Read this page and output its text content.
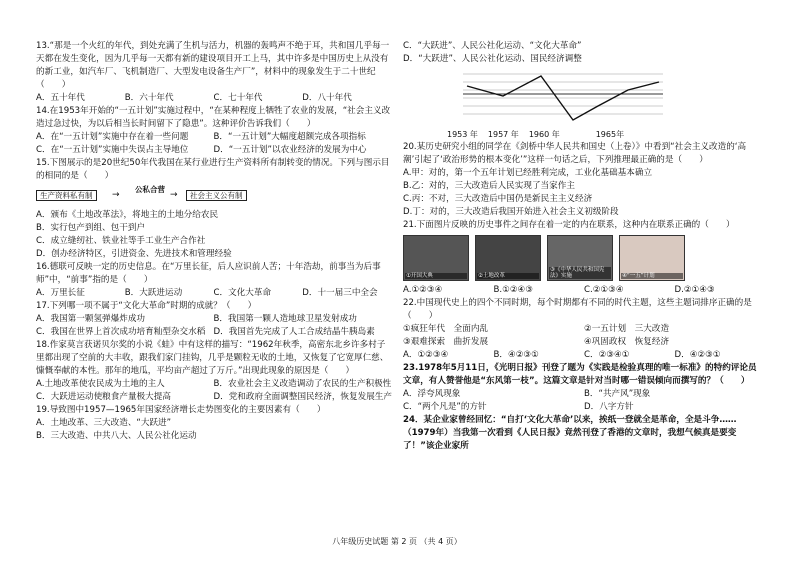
13.“那是一个火红的年代，到处充满了生机与活力，机器的轰鸣声不绝于耳，共和国几乎每一天都在发生变化，因为几乎每一天都有新的建设项目开工上马，其中许多是中国历史上从没有的新工业，如汽车厂、飞机制造厂、大型发电设备生产厂”，材料中的现象发生于二十世纪（　　）

A．五十年代	B．六十年代	C．七十年代	D．八十年代

14.在1953年开始的“一五计划”实施过程中，“在某种程度上牺牲了农业的发展，“社会主义改造过急过快，为以后相当长时间留下了隐患”。这种评价告诉我们（　　）

A．在“一五计划”实施中存在着一些问题	B．“一五计划”大幅度超额完成各项指标
C．在“一五计划”实施中失误占主导地位	D．“一五计划”以农业经济的发展为中心

15.下图展示的是20世纪50年代我国在某行业进行生产资料所有制转变的情况。下列与图示目的相同的是（　　）

生产资料私有制	→
公私合营
→	社会主义公有制

A．颁布《土地改革法》，将地主的土地分给农民

B．实行包产到组、包干到户

C．成立缝纫社、铁业社等手工业生产合作社

D．创办经济特区，引进资金、先进技术和管理经验

16.德联可反映一定的历史信息。在“万里长征，后人应识前人苦；十年浩劫，前事当为后事师”中，“前事”指的是（　　）

A．万里长征	B．大跃进运动	C．文化大革命	D．十一届三中全会

17.下列哪一项不属于“文化大革命”时期的成就？（　　）

A．我国第一颗氢弹爆炸成功	B．我国第一颗人造地球卫星发射成功
C．我国在世界上首次成功培育籼型杂交水稻 D．我国首先完成了人工合成结晶牛胰岛素

18.作家莫言获诺贝尔奖的小说《蛙》中有这样的描写：“1962年秋季，高密东北乡许多村子里都出现了空前的大丰收，跟我们家门挂钩，几乎是颗粒无收的土地，又恢复了它宽厚仁慈、慷慨奉献的本性。那年的地瓜，平均亩产超过了万斤。”出现此现象的原因是（　　）

A.土地改革使农民成为土地的主人	B．农业社会主义改造调动了农民的生产积极性
C．大跃进运动使粮食产量极大提高	D．党和政府全面调整国民经济，恢复发展生产

19.导致图中1957—1965年国家经济增长走势图变化的主要因素有（　　）

A．土地改革、三大改造、“大跃进”

B．三大改造、中共八大、人民公社化运动

C．“大跃进”、人民公社化运动、“文化大革命”

D．“大跃进”、人民公社化运动、国民经济调整

1953 年 1957 年 1960 年	1965年

20.某历史研究小组的同学在《剑桥中华人民共和国史（上卷）》中看到“社会主义改造的‘高潮’引起了‘政治形势的根本变化’”这样一句话之后，下列推理最正确的是（　　）

A.甲：对的，第一个五年计划已经胜利完成，工业化基础基本确立

B.乙：对的，三大改造后人民实现了当家作主

C.丙：不对，三大改造后中国仍是新民主主义经济

D.丁：对的，三大改造后我国开始进入社会主义初级阶段

21.下面图片反映的历史事件之间存在着一定的内在联系，这种内在联系正确的（　　）

①开国大典	②土地改革
③《中华人民共和国宪法》实施	④“一五”计划
A.①②③④	B.①②④③	C.②①③④	D.②①④③

22.中国现代史上的四个不同时期，每个时期都有不同的时代主题，这些主题词排序正确的是（　　）

①疯狂年代　全面内乱	②一五计划　三大改造
③艰难探索　曲折发展	④巩固政权　恢复经济
A．①②③④	B．④②③①	C．②③④①	D．④②③①

23.1978年5月11日，《光明日报》刊登了题为《实践是检验真理的唯一标准》的特约评论员文章，有人赞誉他是“东风第一枝”。这篇文章是针对当时哪一错误倾向而撰写的？（　　）

A．浮夸风现象	B．“共产风”现象
C．“两个凡是”的方针	D．八字方针

24．某企业家曾经回忆：“自打‘文化大革命’以来，挨纸一登就全是革命，全是斗争……（1979年）当我第一次看到《人民日报》竟然刊登了香港的文章时，我想气候真是要变了！”该企业家所

八年级历史试题 第 2 页 （共 4 页）
